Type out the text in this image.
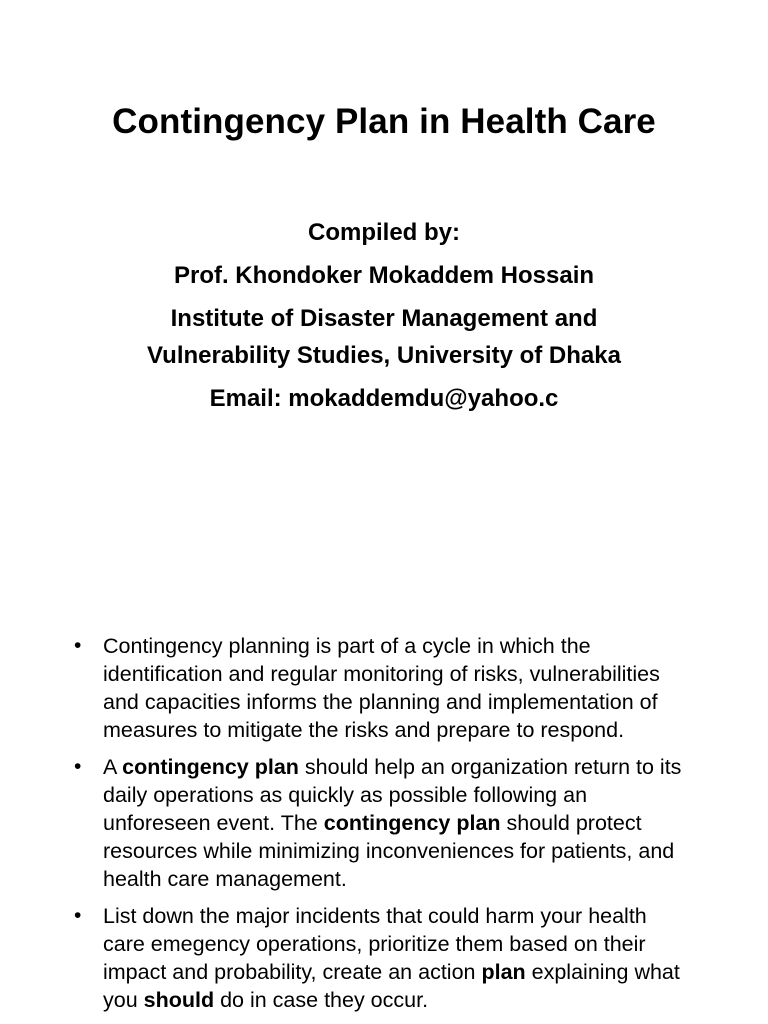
Contingency Plan in Health Care
Compiled by:
Prof. Khondoker Mokaddem Hossain
Institute of Disaster Management and
Vulnerability Studies, University of Dhaka
Email: mokaddemdu@yahoo.c
•	Contingency planning is part of a cycle in which the identification and regular monitoring of risks, vulnerabilities and capacities informs the planning and implementation of measures to mitigate the risks and prepare to respond.
•	A contingency plan should help an organization return to its daily operations as quickly as possible following an unforeseen event. The contingency plan should protect resources while minimizing inconveniences for patients, and health care management.
•	List down the major incidents that could harm your health care emegency operations, prioritize them based on their impact and probability, create an action plan explaining what you should do in case they occur.
